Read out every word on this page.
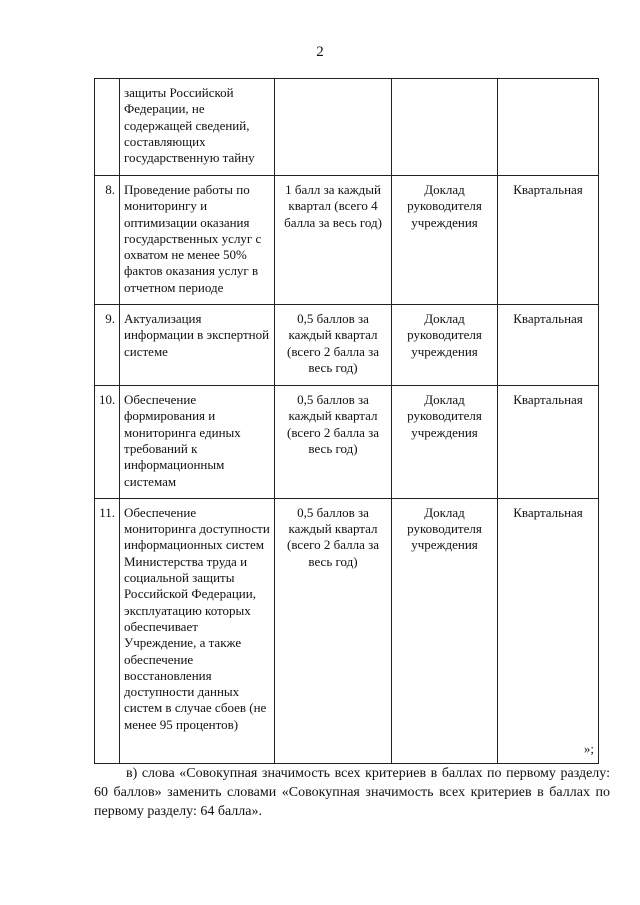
2
	защиты Российской Федерации, не содержащей сведений, составляющих государственную тайну			
8.	Проведение работы по мониторингу и оптимизации оказания государственных услуг с охватом не менее 50% фактов оказания услуг в отчетном периоде	1 балл за каждый квартал (всего 4 балла за весь год)	Доклад руководителя учреждения	Квартальная
9.	Актуализация информации в экспертной системе	0,5 баллов за каждый квартал (всего 2 балла за весь год)	Доклад руководителя учреждения	Квартальная
10.	Обеспечение формирования и мониторинга единых требований к информационным системам	0,5 баллов за каждый квартал (всего 2 балла за весь год)	Доклад руководителя учреждения	Квартальная
11.	Обеспечение мониторинга доступности информационных систем Министерства труда и социальной защиты Российской Федерации, эксплуатацию которых обеспечивает Учреждение, а также обеспечение восстановления доступности данных систем в случае сбоев (не менее 95 процентов)	0,5 баллов за каждый квартал (всего 2 балла за весь год)	Доклад руководителя учреждения	Квартальная
»;

в) слова «Совокупная значимость всех критериев в баллах по первому разделу: 60 баллов» заменить словами «Совокупная значимость всех критериев в баллах по первому разделу: 64 балла».
